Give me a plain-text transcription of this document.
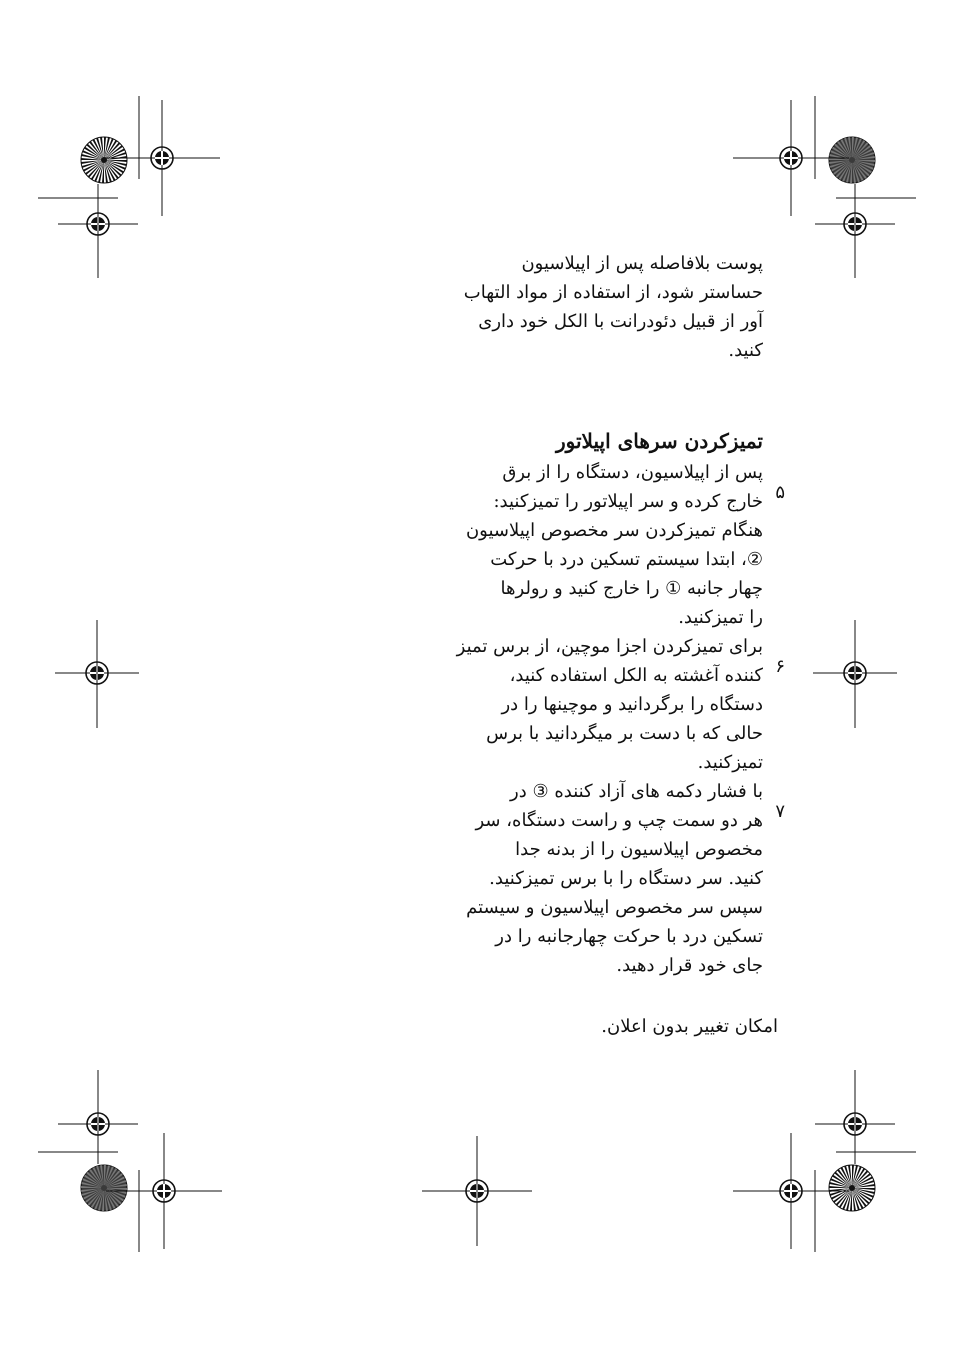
پوست بلافاصله پس از اپیلاسیون
حساستر شود، از استفاده از مواد التهاب
آور از قبیل دئودرانت با الکل خود داری
کنید.
تمیزکردن سرهای اپیلاتور
۵
پس از اپیلاسیون، دستگاه را از برق
خارج کرده و سر اپیلاتور را تمیزکنید:
هنگام تمیزکردن سر مخصوص اپیلاسیون
②، ابتدا سیستم تسکین درد با حرکت
چهار جانبه ① را خارج کنید و رولرها
را تمیزکنید.
۶
برای تمیزکردن اجزا موچین، از برس تمیز
کننده آغشته به الکل استفاده کنید،
دستگاه را برگردانید و موچینها را در
حالی که با دست بر میگردانید با برس
تمیزکنید.
۷
با فشار دکمه های آزاد کننده ③ در
هر دو سمت چپ و راست دستگاه، سر
مخصوص اپیلاسیون را از بدنه جدا
کنید. سر دستگاه را با برس تمیزکنید.
سپس سر مخصوص اپیلاسیون و سیستم
تسکین درد با حرکت چهارجانبه را در
جای خود قرار دهید.
امکان تغییر بدون اعلان.
